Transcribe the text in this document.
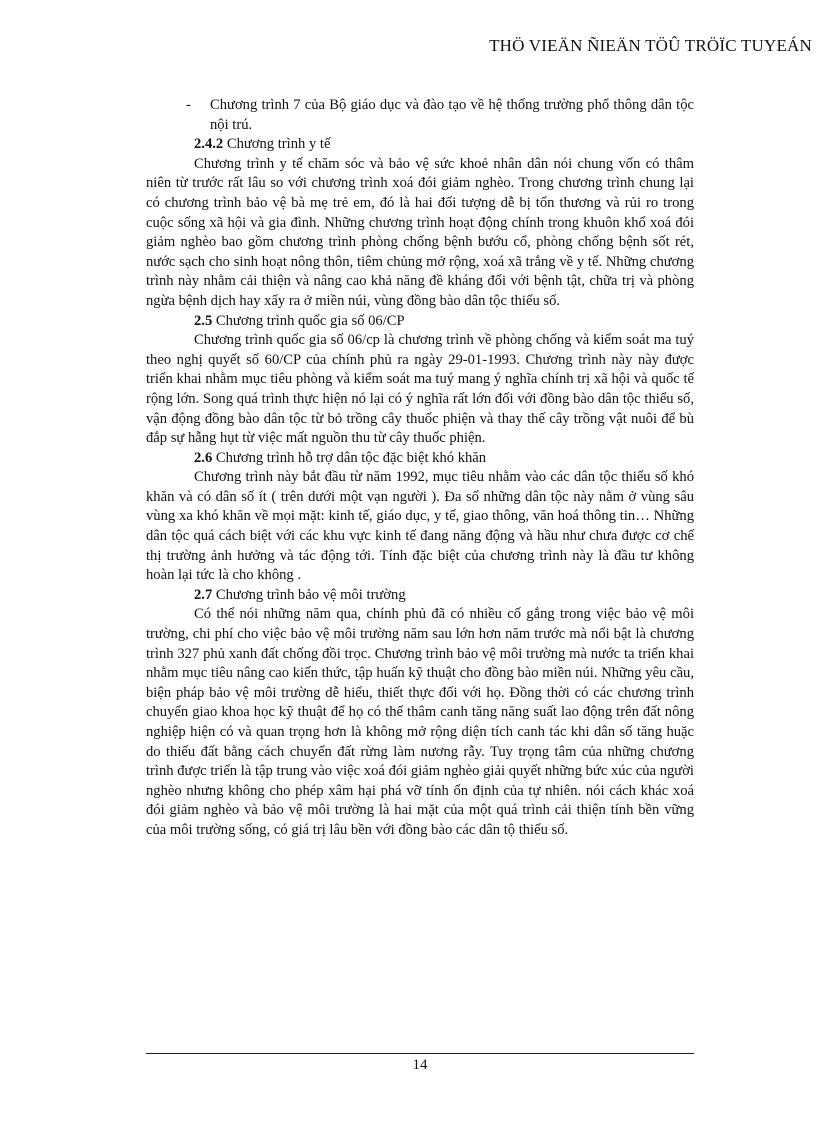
THÖ VIEÄN ÑIEÄN TÖÛ TRÖÏC TUYEÁN
-	Chương trình 7 của Bộ giáo dục và đào tạo về hệ thống trường phổ thông dân tộc nội trú.

2.4.2 Chương trình y tế

Chương trình y tế chăm sóc và bảo vệ sức khoẻ nhân dân nói chung vốn có thâm niên từ trước rất lâu so với chương trình xoá đói giảm nghèo. Trong chương trình chung lại có chương trình bảo vệ bà mẹ trẻ em, đó là hai đối tượng dễ bị tổn thương và rủi ro trong cuộc sống xã hội và gia đình. Những chương trình hoạt động chính trong khuôn khổ xoá đói giảm nghèo bao gồm chương trình phòng chống bệnh bướu cổ, phòng chống bệnh sốt rét, nước sạch cho sinh hoạt nông thôn, tiêm chủng mở rộng, xoá xã trắng về y tế. Những chương trình này nhằm cải thiện và nâng cao khả năng đề kháng đối với bệnh tật, chữa trị và phòng ngừa bệnh dịch hay xẩy ra ở miền núi, vùng đồng bào dân tộc thiểu số.

2.5 Chương trình quốc gia số 06/CP

Chương trình quốc gia số 06/cp là chương trình về phòng chống và kiểm soát ma tuý theo nghị quyết số 60/CP của chính phủ ra ngày 29-01-1993. Chương trình này này được triển khai nhằm mục tiêu phòng và kiểm soát ma tuý mang ý nghĩa chính trị xã hội và quốc tế rộng lớn. Song quá trình thực hiện nó lại có ý nghĩa rất lớn đối với đồng bào dân tộc thiểu số, vận động đồng bào dân tộc từ bỏ trồng cây thuốc phiện và thay thế cây trồng vật nuôi để bù đắp sự hẫng hụt từ việc mất nguồn thu từ cây thuốc phiện.

2.6 Chương trình hỗ trợ dân tộc đặc biệt khó khăn

Chương trình này bắt đầu từ năm 1992, mục tiêu nhằm vào các dân tộc thiểu số khó khăn và có dân số ít ( trên dưới một vạn người ). Đa số những dân tộc này nằm ở vùng sâu vùng xa khó khăn về mọi mặt: kinh tế, giáo dục, y tế, giao thông, văn hoá thông tin… Những dân tộc quá cách biệt với các khu vực kinh tế đang năng động và hầu như chưa được cơ chế thị trường ảnh hưởng và tác động tới. Tính đặc biệt của chương trình này là đầu tư không hoàn lại tức là cho không .

2.7 Chương trình bảo vệ môi trường

Có thể nói những năm qua, chính phủ đã có nhiều cố gắng trong việc bảo vệ môi trường, chi phí cho việc bảo vệ môi trường năm sau lớn hơn năm trước mà nổi bật là chương trình 327 phủ xanh đất chống đồi trọc. Chương trình bảo vệ môi trường mà nước ta triển khai nhằm mục tiêu nâng cao kiến thức, tập huấn kỹ thuật cho đồng bào miền núi. Những yêu cầu, biện pháp bảo vệ môi trường dễ hiểu, thiết thực đối với họ. Đồng thời có các chương trình chuyển giao khoa học kỹ thuật để họ có thể thâm canh tăng năng suất lao động trên đất nông nghiệp hiện có và quan trọng hơn là không mở rộng diện tích canh tác khi dân số tăng huặc do thiếu đất bằng cách chuyển đất rừng làm nương rẫy. Tuy trọng tâm của những chương trình được triển là tập trung vào việc xoá đói giảm nghèo giải quyết những bức xúc của người nghèo nhưng không cho phép xâm hại phá vỡ tính ổn định của tự nhiên. nói cách khác xoá đói giảm nghèo và bảo vệ môi trường là hai mặt của một quá trình cải thiện tính bền vững của môi trường sống, có giá trị lâu bền với đồng bào các dân tộ thiểu số.

14
